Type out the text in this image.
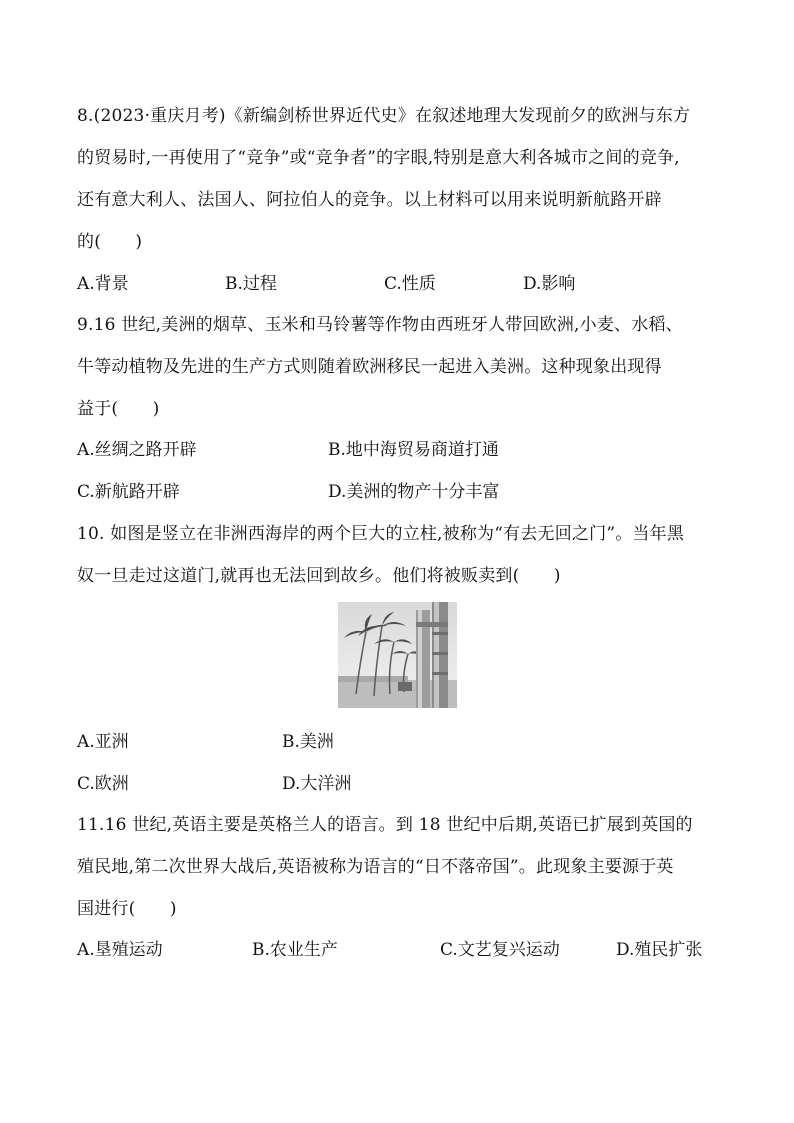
8.(2023·重庆月考)《新编剑桥世界近代史》在叙述地理大发现前夕的欧洲与东方
的贸易时,一再使用了“竞争”或“竞争者”的字眼,特别是意大利各城市之间的竞争,
还有意大利人、法国人、阿拉伯人的竞争。以上材料可以用来说明新航路开辟
的(　　)
A.背景	B.过程	C.性质	D.影响
9.16 世纪,美洲的烟草、玉米和马铃薯等作物由西班牙人带回欧洲,小麦、水稻、
牛等动植物及先进的生产方式则随着欧洲移民一起进入美洲。这种现象出现得
益于(　　)
A.丝绸之路开辟	B.地中海贸易商道打通
C.新航路开辟	D.美洲的物产十分丰富
10. 如图是竖立在非洲西海岸的两个巨大的立柱,被称为“有去无回之门”。当年黑
奴一旦走过这道门,就再也无法回到故乡。他们将被贩卖到(　　)
A.亚洲	B.美洲
C.欧洲	D.大洋洲
11.16 世纪,英语主要是英格兰人的语言。到 18 世纪中后期,英语已扩展到英国的
殖民地,第二次世界大战后,英语被称为语言的“日不落帝国”。此现象主要源于英
国进行(　　)
A.垦殖运动	B.农业生产	C.文艺复兴运动	D.殖民扩张
